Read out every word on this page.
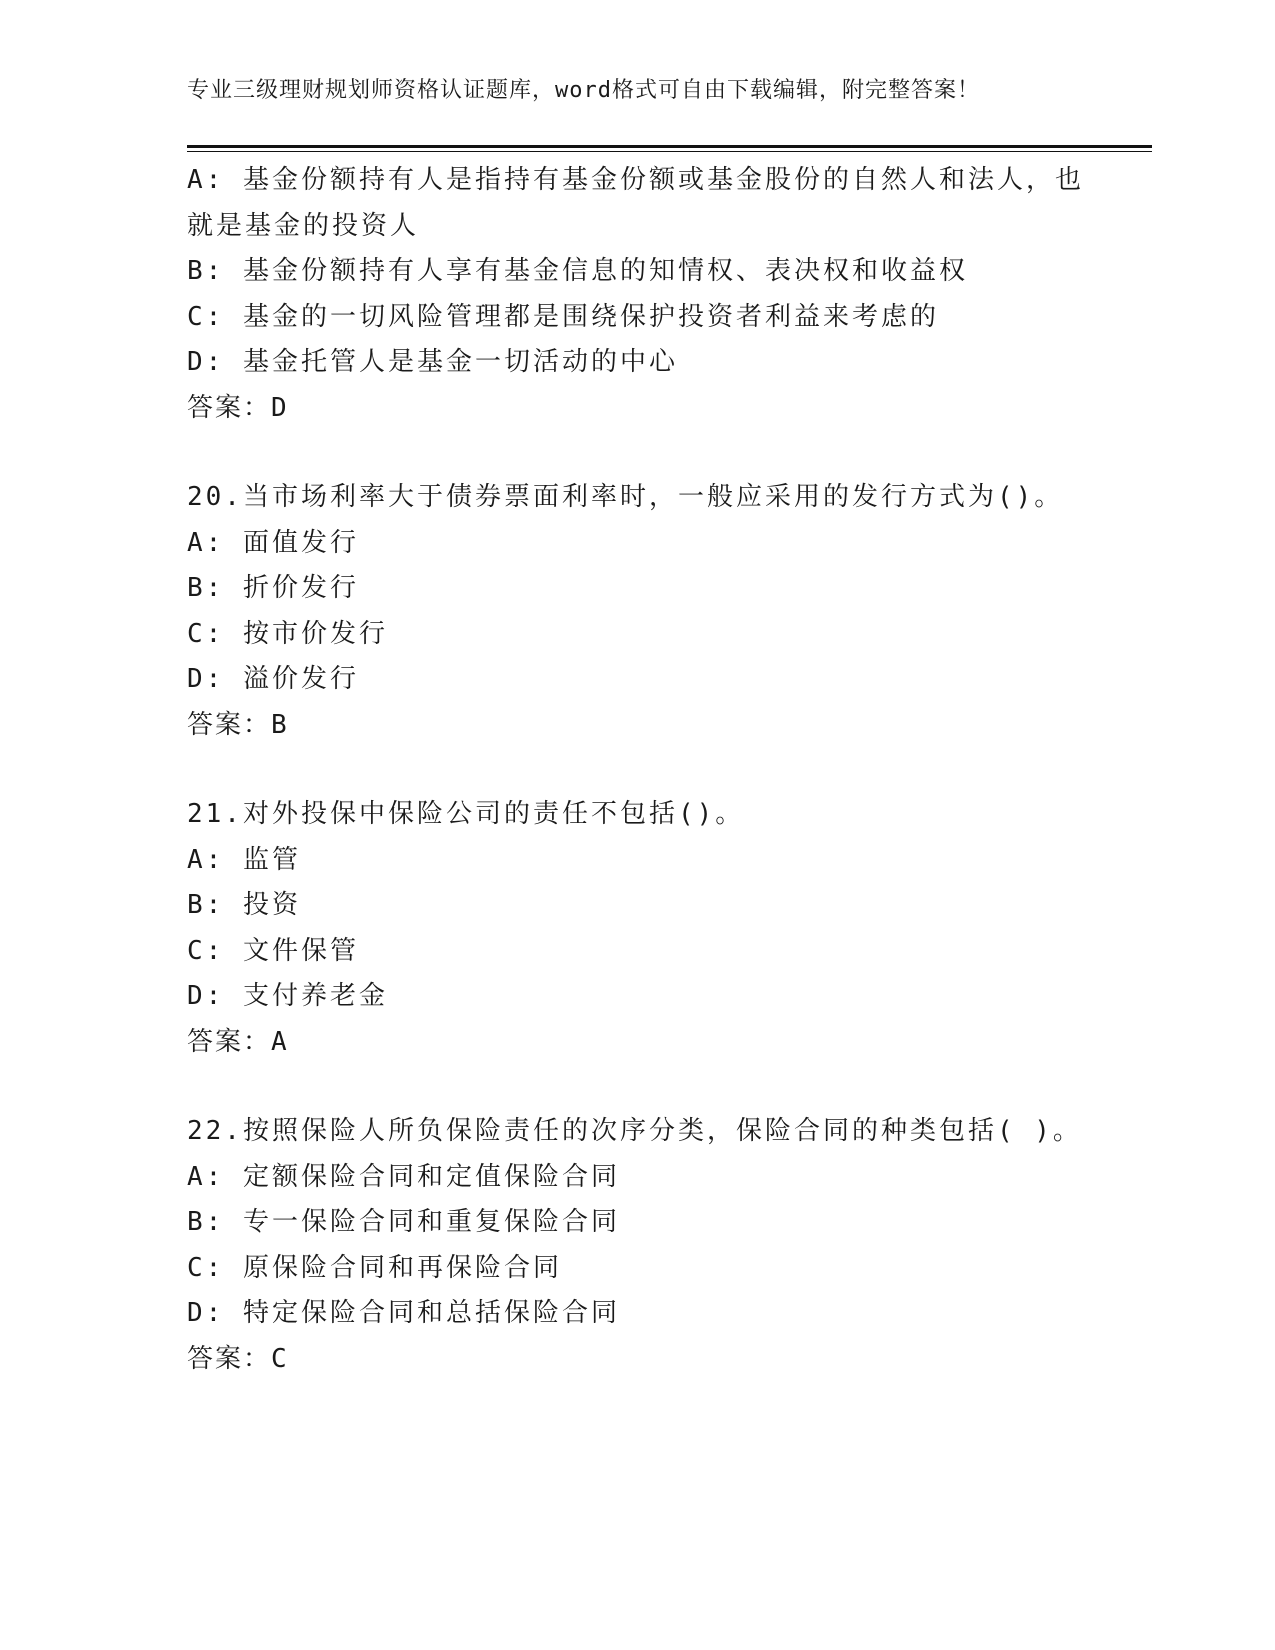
专业三级理财规划师资格认证题库，word格式可自由下载编辑，附完整答案！
A: 基金份额持有人是指持有基金份额或基金股份的自然人和法人，也
就是基金的投资人
B: 基金份额持有人享有基金信息的知情权、表决权和收益权
C: 基金的一切风险管理都是围绕保护投资者利益来考虑的
D: 基金托管人是基金一切活动的中心
答案：D
20.当市场利率大于债券票面利率时，一般应采用的发行方式为()。
A: 面值发行
B: 折价发行
C: 按市价发行
D: 溢价发行
答案：B
21.对外投保中保险公司的责任不包括()。
A: 监管
B: 投资
C: 文件保管
D: 支付养老金
答案：A
22.按照保险人所负保险责任的次序分类，保险合同的种类包括( )。
A: 定额保险合同和定值保险合同
B: 专一保险合同和重复保险合同
C: 原保险合同和再保险合同
D: 特定保险合同和总括保险合同
答案：C
